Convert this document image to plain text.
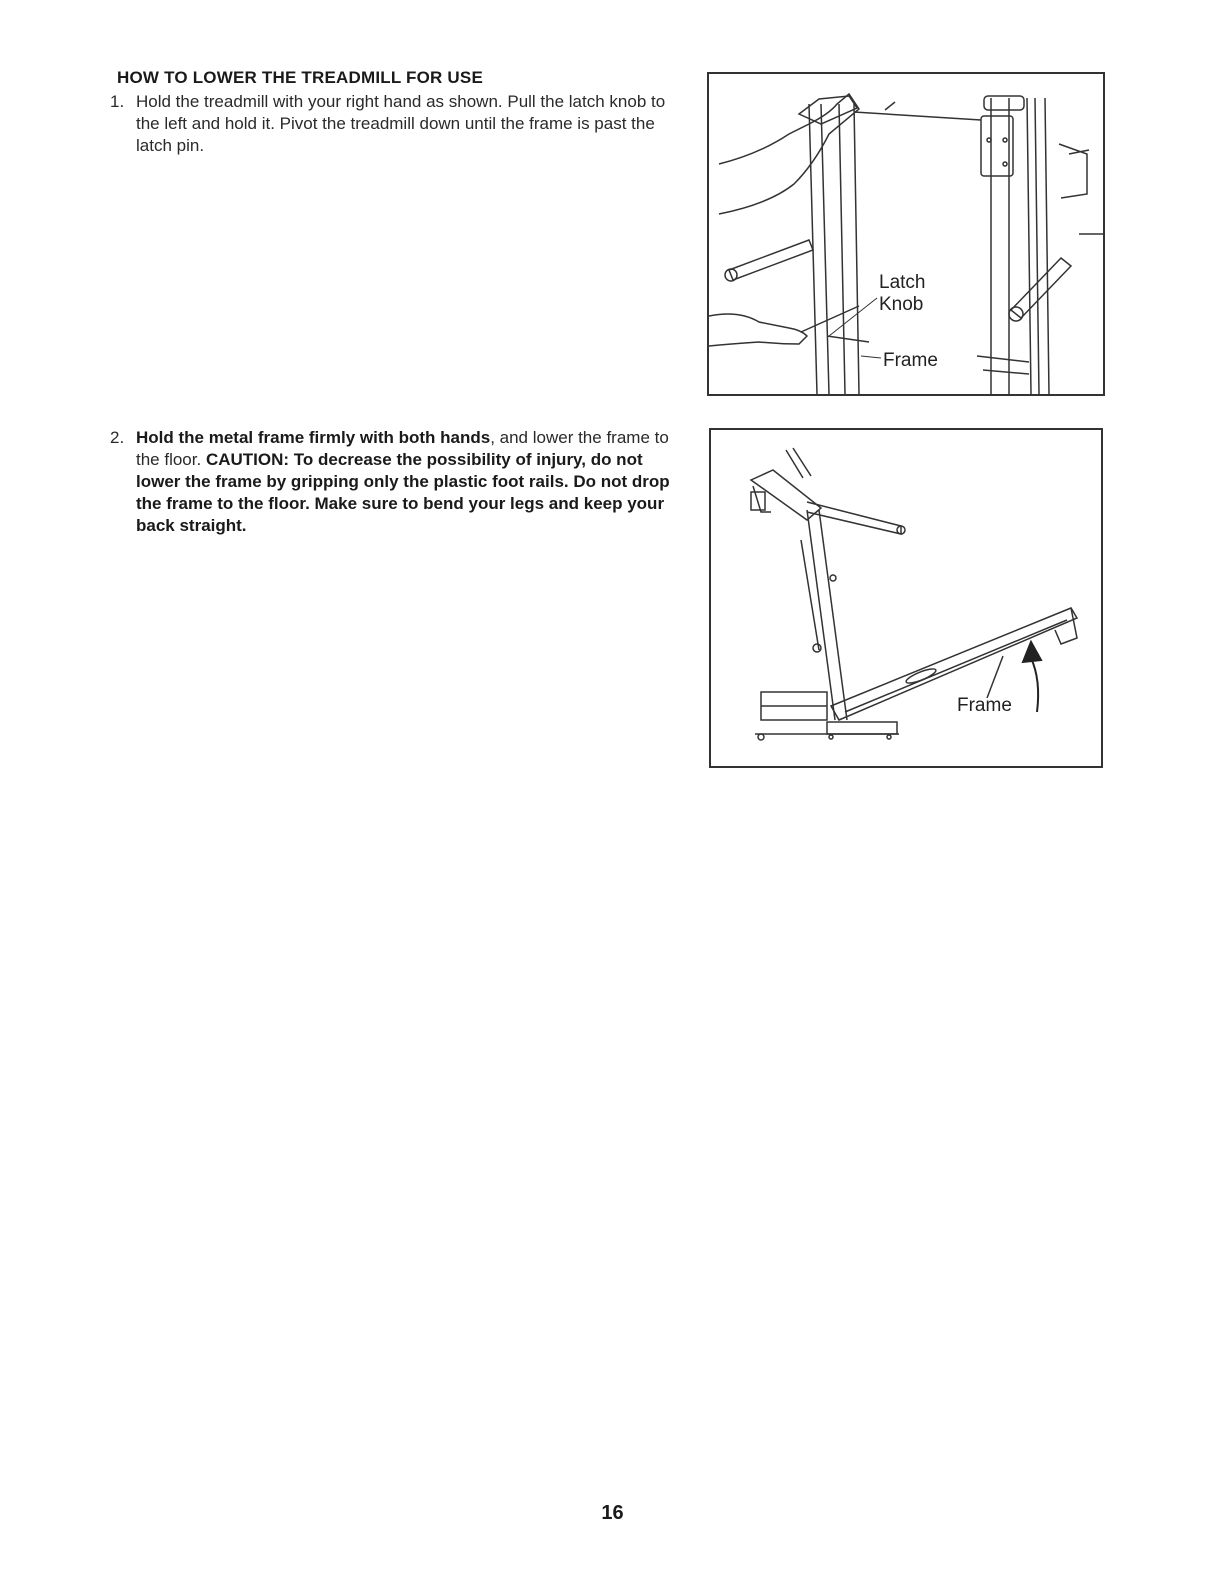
HOW TO LOWER THE TREADMILL FOR USE
1. Hold the treadmill with your right hand as shown. Pull the latch knob to the left and hold it. Pivot the treadmill down until the frame is past the latch pin.
2. Hold the metal frame firmly with both hands, and lower the frame to the floor. CAUTION: To decrease the possibility of injury, do not lower the frame by gripping only the plastic foot rails. Do not drop the frame to the floor. Make sure to bend your legs and keep your back straight.
Latch
Knob
Frame
Frame
16
